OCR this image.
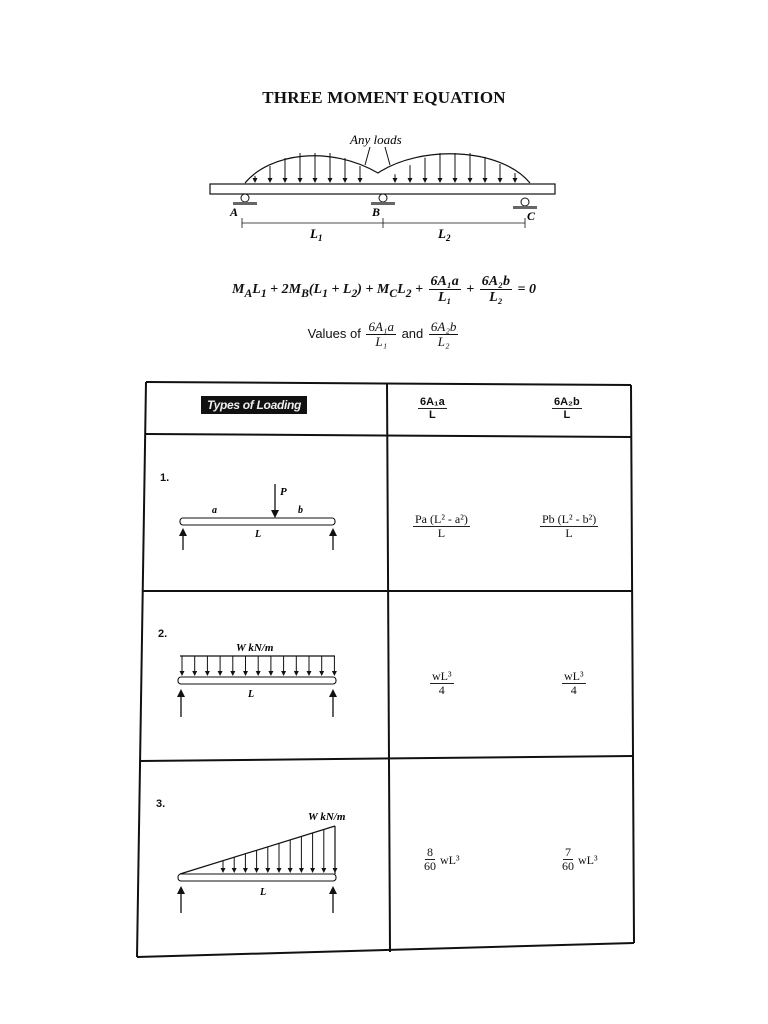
THREE MOMENT EQUATION
Any loads
A	B	C
$L_1$	$L_2$
$M_AL_1 + 2M_B(L_1 + L_2) + M_CL_2 + \frac{\text{6A₁a}}{\text{L₁}} + \frac{\text{6A₂b}}{\text{L₂}} = 0$
Values of $\frac{\text{6A₁a}}{\text{L₁}}$ and $\frac{\text{6A₂b}}{\text{L₂}}$
Types of Loading	$\frac{\text{6A₁a}}{L}$	$\frac{\text{6A₂b}}{L}$
1.
P
a	b
L	$\frac{\text{Pa (L² - a²)}}{L}$	$\frac{\text{Pb (L² - b²)}}{L}$
2.
W kN/m
L	$\frac{\text{wL³}}{4}$	$\frac{\text{wL³}}{4}$
3.
W kN/m
L
$\frac{8}{60} wL^3$	$\frac{7}{60} wL^3$
